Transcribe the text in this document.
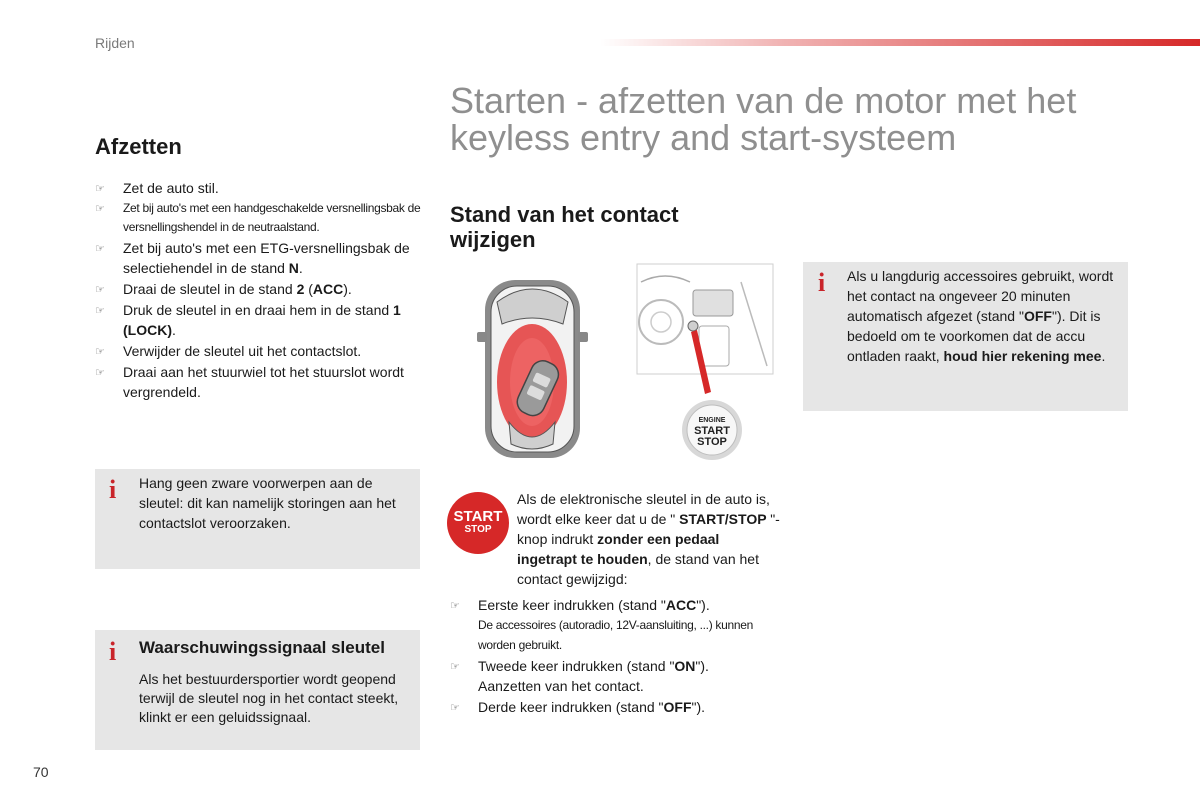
Rijden
Starten - afzetten van de motor met het keyless entry and start-systeem
Afzetten
☞ Zet de auto stil.
☞ Zet bij auto's met een handgeschakelde versnellingsbak de versnellingshendel in de neutraalstand.
☞ Zet bij auto's met een ETG-versnellingsbak de selectiehendel in de stand N.
☞ Draai de sleutel in de stand 2 (ACC).
☞ Druk de sleutel in en draai hem in de stand 1 (LOCK).
☞ Verwijder de sleutel uit het contactslot.
☞ Draai aan het stuurwiel tot het stuurslot wordt vergrendeld.
i Hang geen zware voorwerpen aan de sleutel: dit kan namelijk storingen aan het contactslot veroorzaken.
i Waarschuwingssignaal sleutel
Als het bestuurdersportier wordt geopend terwijl de sleutel nog in het contact steekt, klinkt er een geluidssignaal.
Stand van het contact wijzigen
ENGINE
START
STOP
i Als u langdurig accessoires gebruikt, wordt het contact na ongeveer 20 minuten automatisch afgezet (stand "OFF"). Dit is bedoeld om te voorkomen dat de accu ontladen raakt, houd hier rekening mee.
START
STOP
Als de elektronische sleutel in de auto is, wordt elke keer dat u de " START/STOP "-knop indrukt zonder een pedaal ingetrapt te houden, de stand van het contact gewijzigd:
☞ Eerste keer indrukken (stand "ACC").
De accessoires (autoradio, 12V-aansluiting, ...) kunnen worden gebruikt.
☞ Tweede keer indrukken (stand "ON").
Aanzetten van het contact.
☞ Derde keer indrukken (stand "OFF").
70
